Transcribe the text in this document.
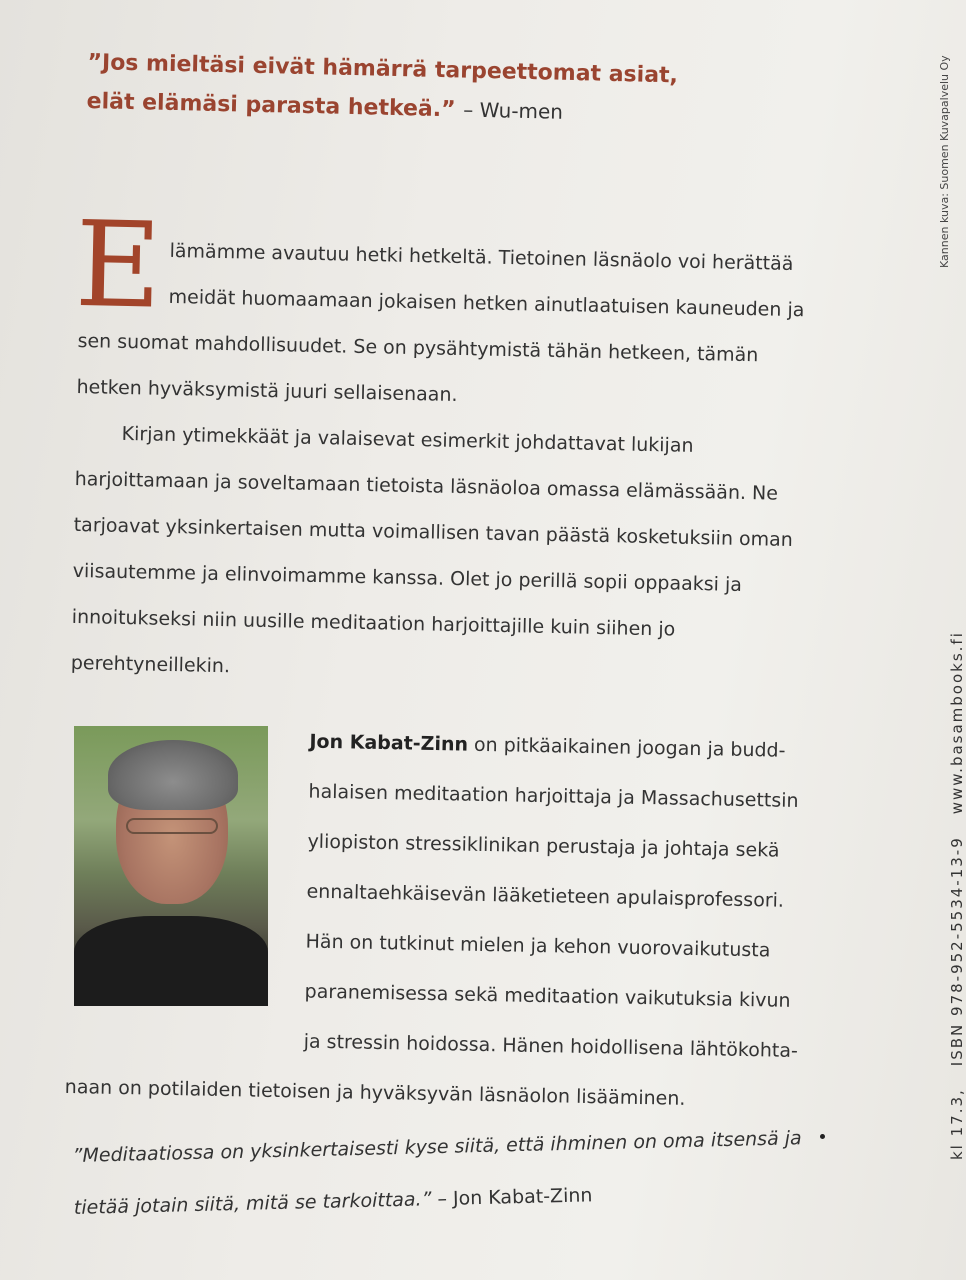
”Jos mieltäsi eivät hämärrä tarpeettomat asiat,
elät elämäsi parasta hetkeä.” – Wu-men

Elämämme avautuu hetki hetkeltä. Tietoinen läsnäolo voi herättää meidät huomaamaan jokaisen hetken ainutlaatuisen kauneuden ja sen suomat mahdollisuudet. Se on pysähtymistä tähän hetkeen, tämän hetken hyväksymistä juuri sellaisenaan.

Kirjan ytimekkäät ja valaisevat esimerkit johdattavat lukijan harjoittamaan ja soveltamaan tietoista läsnäoloa omassa elämässään. Ne tarjoavat yksinkertaisen mutta voimallisen tavan päästä kosketuksiin oman viisautemme ja elinvoimamme kanssa. Olet jo perillä sopii oppaaksi ja innoitukseksi niin uusille meditaation harjoittajille kuin siihen jo perehtyneillekin.

Jon Kabat-Zinn on pitkäaikainen joogan ja budd-
halaisen meditaation harjoittaja ja Massachusettsin
yliopiston stressiklinikan perustaja ja johtaja sekä
ennaltaehkäisevän lääketieteen apulaisprofessori.
Hän on tutkinut mielen ja kehon vuorovaikutusta
paranemisessa sekä meditaation vaikutuksia kivun
ja stressin hoidossa. Hänen hoidollisena lähtökohta-
naan on potilaiden tietoisen ja hyväksyvän läsnäolon lisääminen.
”Meditaatiossa on yksinkertaisesti kyse siitä, että ihminen on oma itsensä ja
tietää jotain siitä, mitä se tarkoittaa.” – Jon Kabat-Zinn
Kannen kuva: Suomen Kuvapalvelu Oy
kl 17.3,ISBN 978-952-5534-13-9www.basambooks.fi
